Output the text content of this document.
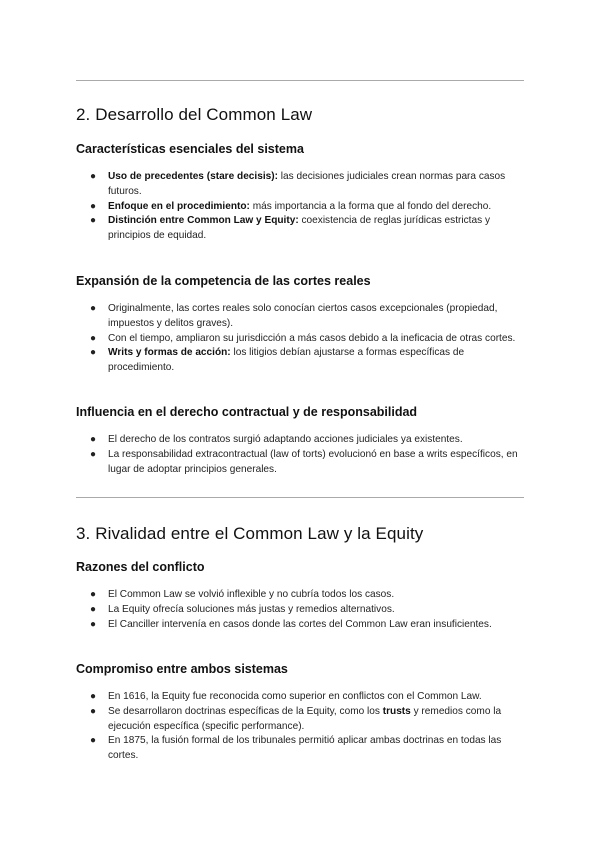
2. Desarrollo del Common Law
Características esenciales del sistema
● Uso de precedentes (stare decisis): las decisiones judiciales crean normas para casos futuros.
● Enfoque en el procedimiento: más importancia a la forma que al fondo del derecho.
● Distinción entre Common Law y Equity: coexistencia de reglas jurídicas estrictas y principios de equidad.
Expansión de la competencia de las cortes reales
● Originalmente, las cortes reales solo conocían ciertos casos excepcionales (propiedad, impuestos y delitos graves).
● Con el tiempo, ampliaron su jurisdicción a más casos debido a la ineficacia de otras cortes.
● Writs y formas de acción: los litigios debían ajustarse a formas específicas de procedimiento.
Influencia en el derecho contractual y de responsabilidad
● El derecho de los contratos surgió adaptando acciones judiciales ya existentes.
● La responsabilidad extracontractual (law of torts) evolucionó en base a writs específicos, en lugar de adoptar principios generales.
3. Rivalidad entre el Common Law y la Equity
Razones del conflicto
● El Common Law se volvió inflexible y no cubría todos los casos.
● La Equity ofrecía soluciones más justas y remedios alternativos.
● El Canciller intervenía en casos donde las cortes del Common Law eran insuficientes.
Compromiso entre ambos sistemas
● En 1616, la Equity fue reconocida como superior en conflictos con el Common Law.
● Se desarrollaron doctrinas específicas de la Equity, como los trusts y remedios como la ejecución específica (specific performance).
● En 1875, la fusión formal de los tribunales permitió aplicar ambas doctrinas en todas las cortes.
